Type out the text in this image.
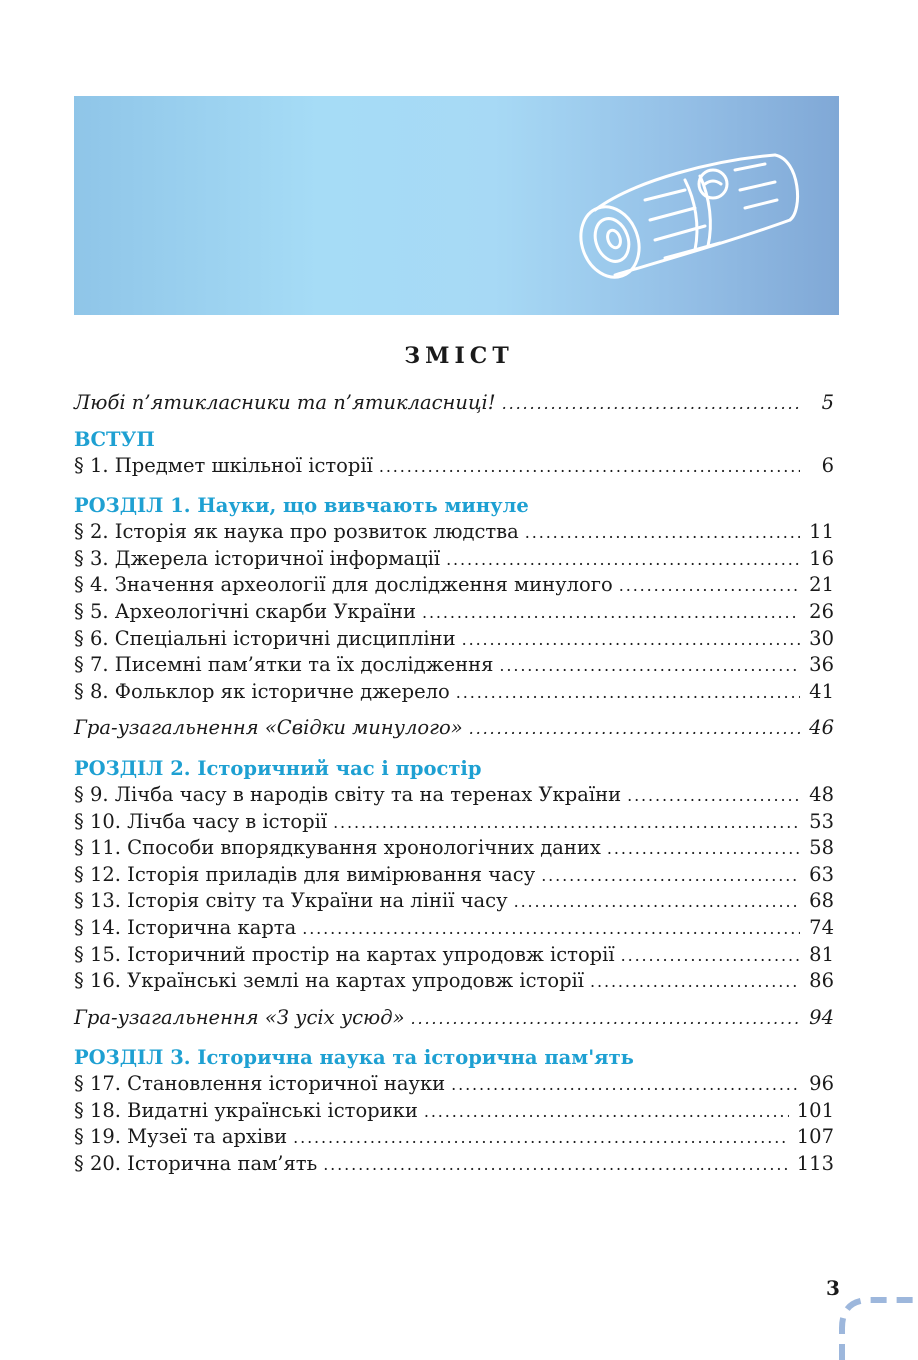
ЗМІСТ
Любі п’ятикласники та п’ятикласниці! . . .	5
ВСТУП
§ 1. Предмет шкільної історії . . .	6
РОЗДІЛ 1. Науки, що вивчають минуле
§ 2. Історія як наука про розвиток людства . . .	11
§ 3. Джерела історичної інформації . . .	16
§ 4. Значення археології для дослідження минулого . . .	21
§ 5. Археологічні скарби України . . .	26
§ 6. Спеціальні історичні дисципліни . . .	30
§ 7. Писемні пам’ятки та їх дослідження . . .	36
§ 8. Фольклор як історичне джерело . . .	41
Гра-узагальнення «Свідки минулого» . . .	46
РОЗДІЛ 2. Історичний час і простір
§ 9. Лічба часу в народів світу та на теренах України . . .	48
§ 10. Лічба часу в історії . . .	53
§ 11. Способи впорядкування хронологічних даних . . .	58
§ 12. Історія приладів для вимірювання часу . . .	63
§ 13. Історія світу та України на лінії часу . . .	68
§ 14. Історична карта . . .	74
§ 15. Історичний простір на картах упродовж історії . . .	81
§ 16. Українські землі на картах упродовж історії . . .	86
Гра-узагальнення «З усіх усюд» . . .	94
РОЗДІЛ 3. Історична наука та історична пам'ять
§ 17. Становлення історичної науки . . .	96
§ 18. Видатні українські історики . . .	101
§ 19. Музеї та архіви . . .	107
§ 20. Історична пам’ять . . .	113
3
